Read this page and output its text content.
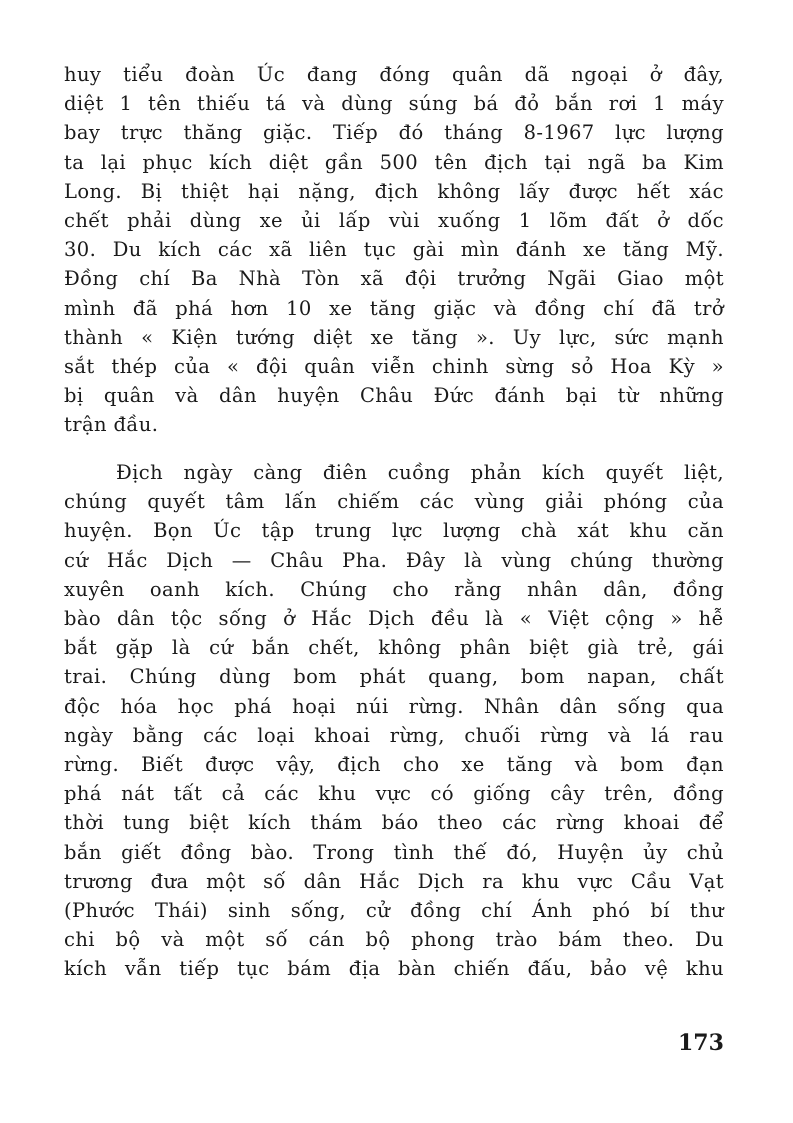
huy tiểu đoàn Úc đang đóng quân dã ngoại ở đây,
diệt 1 tên thiếu tá và dùng súng bá đỏ bắn rơi 1 máy
bay trực thăng giặc. Tiếp đó tháng 8-1967 lực lượng
ta lại phục kích diệt gần 500 tên địch tại ngã ba Kim
Long. Bị thiệt hại nặng, địch không lấy được hết xác
chết phải dùng xe ủi lấp vùi xuống 1 lõm đất ở dốc
30. Du kích các xã liên tục gài mìn đánh xe tăng Mỹ.
Đồng chí Ba Nhà Tòn xã đội trưởng Ngãi Giao một
mình đã phá hơn 10 xe tăng giặc và đồng chí đã trở
thành « Kiện tướng diệt xe tăng ». Uy lực, sức mạnh
sắt thép của « đội quân viễn chinh sừng sỏ Hoa Kỳ »
bị quân và dân huyện Châu Đức đánh bại từ những
trận đầu.
Địch ngày càng điên cuồng phản kích quyết liệt,
chúng quyết tâm lấn chiếm các vùng giải phóng của
huyện. Bọn Úc tập trung lực lượng chà xát khu căn
cứ Hắc Dịch — Châu Pha. Đây là vùng chúng thường
xuyên oanh kích. Chúng cho rằng nhân dân, đồng
bào dân tộc sống ở Hắc Dịch đều là « Việt cộng » hễ
bắt gặp là cứ bắn chết, không phân biệt già trẻ, gái
trai. Chúng dùng bom phát quang, bom napan, chất
độc hóa học phá hoại núi rừng. Nhân dân sống qua
ngày bằng các loại khoai rừng, chuối rừng và lá rau
rừng. Biết được vậy, địch cho xe tăng và bom đạn
phá nát tất cả các khu vực có giống cây trên, đồng
thời tung biệt kích thám báo theo các rừng khoai để
bắn giết đồng bào. Trong tình thế đó, Huyện ủy chủ
trương đưa một số dân Hắc Dịch ra khu vực Cầu Vạt
(Phước Thái) sinh sống, cử đồng chí Ánh phó bí thư
chi bộ và một số cán bộ phong trào bám theo. Du
kích vẫn tiếp tục bám địa bàn chiến đấu, bảo vệ khu
173
